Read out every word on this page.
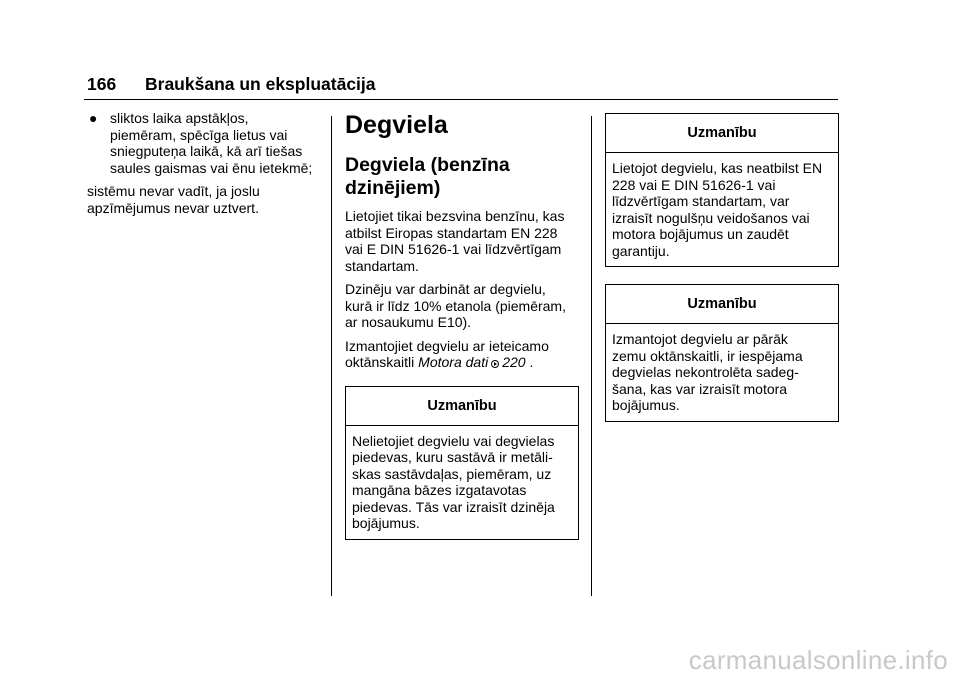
166 Braukšana un ekspluatācija
● sliktos laika apstākļos,
piemēram, spēcīga lietus vai
sniegputeņa laikā, kā arī tiešas
saules gaismas vai ēnu ietekmē;

sistēmu nevar vadīt, ja joslu
apzīmējumus nevar uztvert.

Degviela
Degviela (benzīna
dzinējiem)

Lietojiet tikai bezsvina benzīnu, kas
atbilst Eiropas standartam EN 228
vai E DIN 51626-1 vai līdzvērtīgam
standartam.

Dzinēju var darbināt ar degvielu,
kurā ir līdz 10% etanola (piemēram,
ar nosaukumu E10).

Izmantojiet degvielu ar ieteicamo
oktānskaitli Motora dati 220 .

Uzmanību
Nelietojiet degvielu vai degvielas
piedevas, kuru sastāvā ir metāli-
skas sastāvdaļas, piemēram, uz
mangāna bāzes izgatavotas
piedevas. Tās var izraisīt dzinēja
bojājumus.
Uzmanību
Lietojot degvielu, kas neatbilst EN
228 vai E DIN 51626-1 vai
līdzvērtīgam standartam, var
izraisīt nogulšņu veidošanos vai
motora bojājumus un zaudēt
garantiju.
Uzmanību
Izmantojot degvielu ar pārāk
zemu oktānskaitli, ir iespējama
degvielas nekontrolēta sadeg-
šana, kas var izraisīt motora
bojājumus.
carmanualsonline.info
